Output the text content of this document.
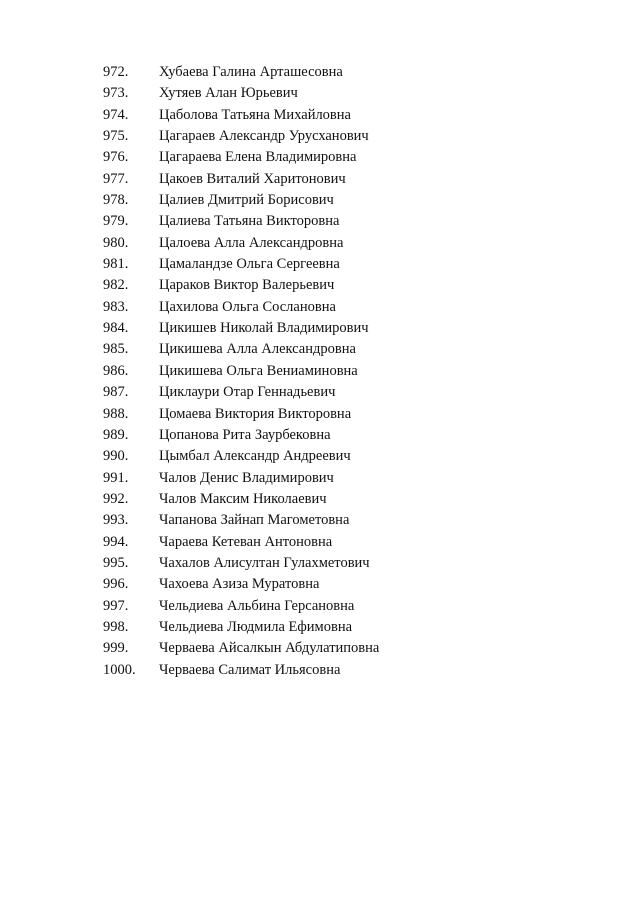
972.	Хубаева Галина Арташесовна
973.	Хутяев Алан Юрьевич
974.	Цаболова Татьяна Михайловна
975.	Цагараев Александр Урусханович
976.	Цагараева Елена Владимировна
977.	Цакоев Виталий Харитонович
978.	Цалиев Дмитрий Борисович
979.	Цалиева Татьяна Викторовна
980.	Цалоева Алла Александровна
981.	Цамаландзе Ольга Сергеевна
982.	Цараков Виктор Валерьевич
983.	Цахилова Ольга Сослановна
984.	Цикишев Николай Владимирович
985.	Цикишева Алла Александровна
986.	Цикишева Ольга Вениаминовна
987.	Циклаури Отар Геннадьевич
988.	Цомаева Виктория Викторовна
989.	Цопанова Рита Заурбековна
990.	Цымбал Александр Андреевич
991.	Чалов Денис Владимирович
992.	Чалов Максим Николаевич
993.	Чапанова Зайнап Магометовна
994.	Чараева Кетеван Антоновна
995.	Чахалов Алисултан Гулахметович
996.	Чахоева Азиза Муратовна
997.	Чельдиева Альбина Герсановна
998.	Чельдиева Людмила Ефимовна
999.	Черваева Айсалкын Абдулатиповна
1000.	Черваева Салимат Ильясовна
